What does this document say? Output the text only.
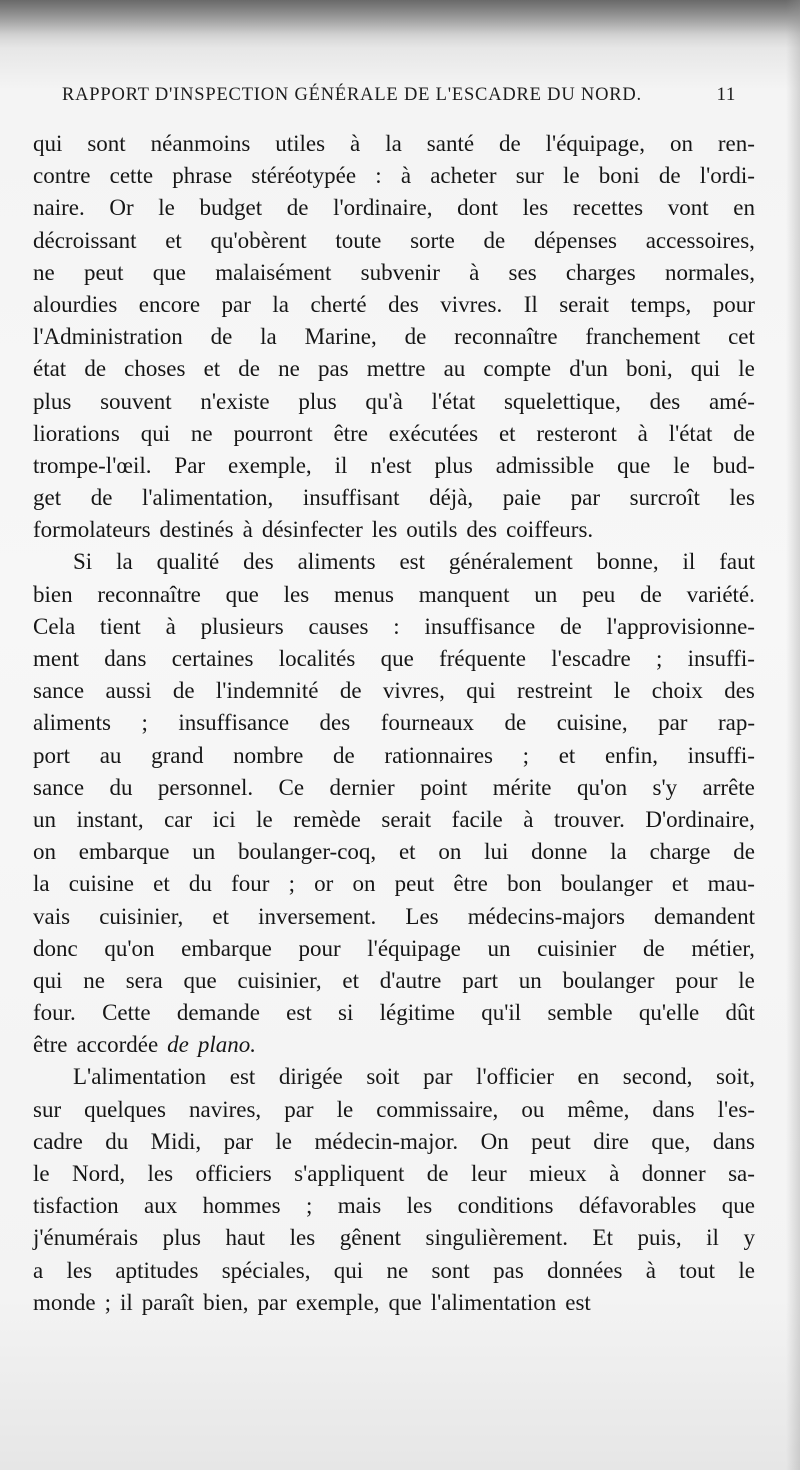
RAPPORT D'INSPECTION GÉNÉRALE DE L'ESCADRE DU NORD.	11
qui sont néanmoins utiles à la santé de l'équipage, on ren-
contre cette phrase stéréotypée : à acheter sur le boni de l'ordi-
naire. Or le budget de l'ordinaire, dont les recettes vont en
décroissant et qu'obèrent toute sorte de dépenses accessoires,
ne peut que malaisément subvenir à ses charges normales,
alourdies encore par la cherté des vivres. Il serait temps, pour
l'Administration de la Marine, de reconnaître franchement cet
état de choses et de ne pas mettre au compte d'un boni, qui le
plus souvent n'existe plus qu'à l'état squelettique, des amé-
liorations qui ne pourront être exécutées et resteront à l'état de
trompe-l'œil. Par exemple, il n'est plus admissible que le bud-
get de l'alimentation, insuffisant déjà, paie par surcroît les
formolateurs destinés à désinfecter les outils des coiffeurs.
Si la qualité des aliments est généralement bonne, il faut
bien reconnaître que les menus manquent un peu de variété.
Cela tient à plusieurs causes : insuffisance de l'approvisionne-
ment dans certaines localités que fréquente l'escadre ; insuffi-
sance aussi de l'indemnité de vivres, qui restreint le choix des
aliments ; insuffisance des fourneaux de cuisine, par rap-
port au grand nombre de rationnaires ; et enfin, insuffi-
sance du personnel. Ce dernier point mérite qu'on s'y arrête
un instant, car ici le remède serait facile à trouver. D'ordinaire,
on embarque un boulanger-coq, et on lui donne la charge de
la cuisine et du four ; or on peut être bon boulanger et mau-
vais cuisinier, et inversement. Les médecins-majors demandent
donc qu'on embarque pour l'équipage un cuisinier de métier,
qui ne sera que cuisinier, et d'autre part un boulanger pour le
four. Cette demande est si légitime qu'il semble qu'elle dût
être accordée de plano.
L'alimentation est dirigée soit par l'officier en second, soit,
sur quelques navires, par le commissaire, ou même, dans l'es-
cadre du Midi, par le médecin-major. On peut dire que, dans
le Nord, les officiers s'appliquent de leur mieux à donner sa-
tisfaction aux hommes ; mais les conditions défavorables que
j'énumérais plus haut les gênent singulièrement. Et puis, il y
a les aptitudes spéciales, qui ne sont pas données à tout le
monde ; il paraît bien, par exemple, que l'alimentation est
